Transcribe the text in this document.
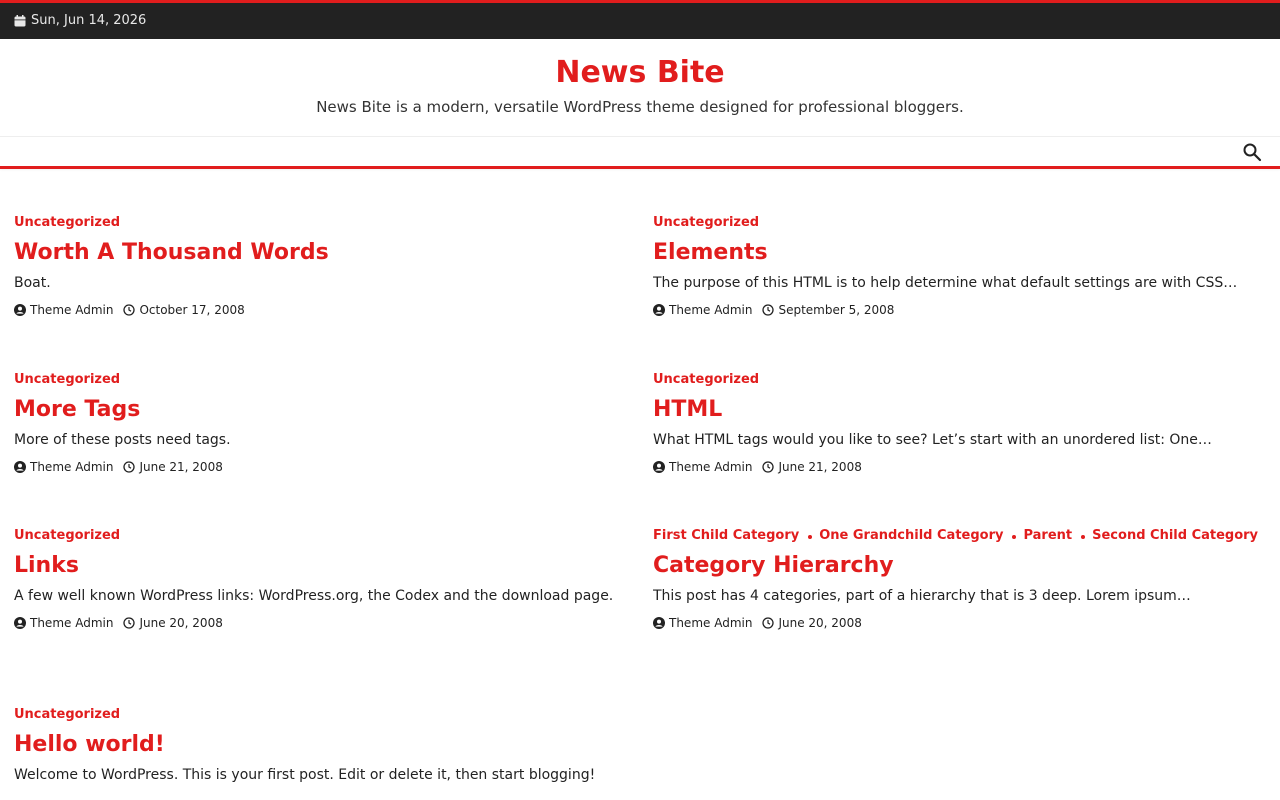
Sun, Jun 14, 2026
News Bite
News Bite is a modern, versatile WordPress theme designed for professional bloggers.
Uncategorized
Worth A Thousand Words
Boat.
Theme Admin October 17, 2008
Uncategorized
Elements
The purpose of this HTML is to help determine what default settings are with CSS…
Theme Admin September 5, 2008
Uncategorized
More Tags
More of these posts need tags.
Theme Admin June 21, 2008
Uncategorized
HTML
What HTML tags would you like to see? Let’s start with an unordered list: One…
Theme Admin June 21, 2008
Uncategorized
Links
A few well known WordPress links: WordPress.org, the Codex and the download page.
Theme Admin June 20, 2008
First Child Category One Grandchild Category Parent Second Child Category
Category Hierarchy
This post has 4 categories, part of a hierarchy that is 3 deep. Lorem ipsum…
Theme Admin June 20, 2008
Uncategorized
Hello world!
Welcome to WordPress. This is your first post. Edit or delete it, then start blogging!
